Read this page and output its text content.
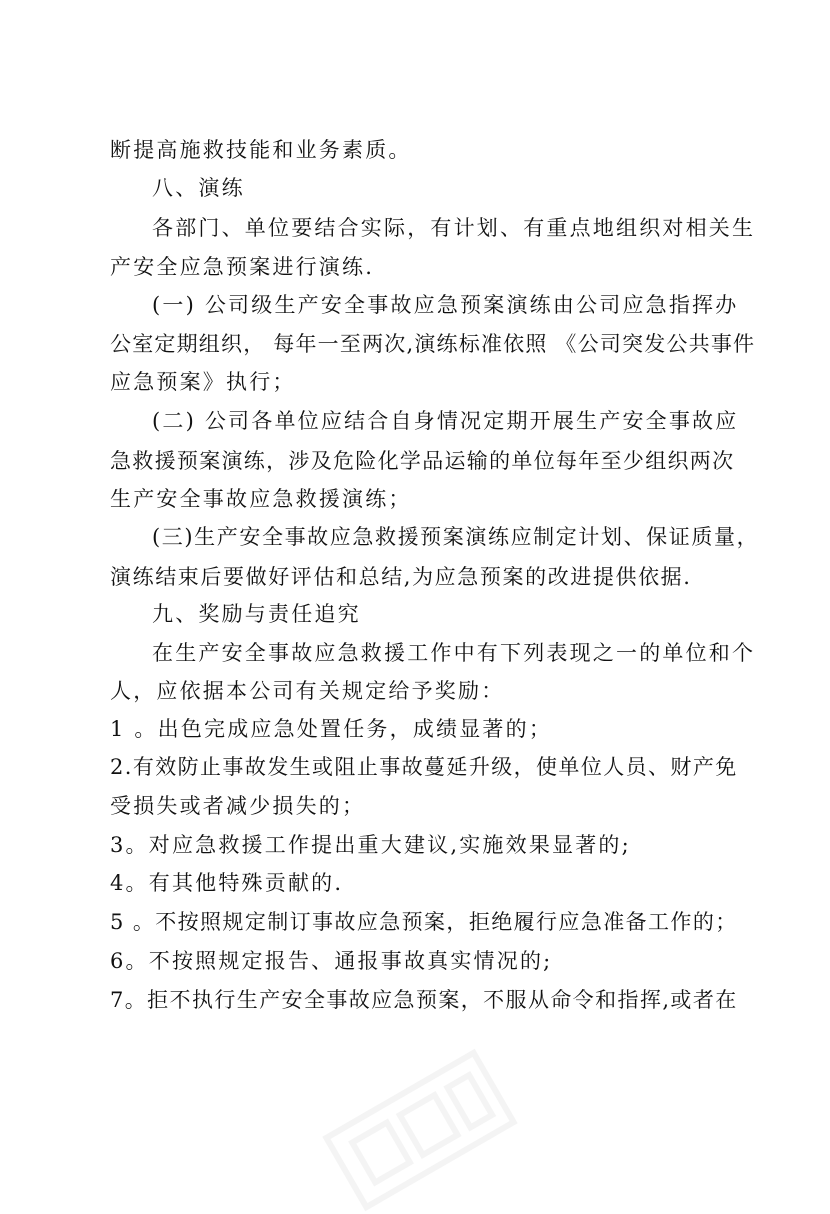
断提高施救技能和业务素质。
八、演练
各部门、单位要结合实际，有计划、有重点地组织对相关生
产安全应急预案进行演练.
(一) 公司级生产安全事故应急预案演练由公司应急指挥办
公室定期组织， 每年一至两次,演练标准依照 《公司突发公共事件
应急预案》执行；
(二) 公司各单位应结合自身情况定期开展生产安全事故应
急救援预案演练，涉及危险化学品运输的单位每年至少组织两次
生产安全事故应急救援演练；
(三)生产安全事故应急救援预案演练应制定计划、保证质量，
演练结束后要做好评估和总结,为应急预案的改进提供依据.
九、奖励与责任追究
在生产安全事故应急救援工作中有下列表现之一的单位和个
人，应依据本公司有关规定给予奖励：
1 。出色完成应急处置任务，成绩显著的；
2.有效防止事故发生或阻止事故蔓延升级，使单位人员、财产免
受损失或者减少损失的；
3。对应急救援工作提出重大建议,实施效果显著的;
4。有其他特殊贡献的.
5 。不按照规定制订事故应急预案，拒绝履行应急准备工作的；
6。不按照规定报告、通报事故真实情况的;
7。拒不执行生产安全事故应急预案，不服从命令和指挥,或者在
